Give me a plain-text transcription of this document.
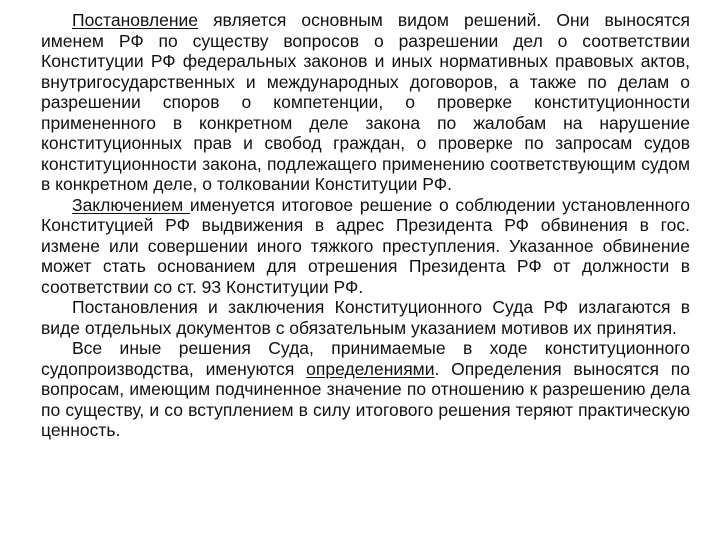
Постановление является основным видом решений. Они выносятся именем РФ по существу вопросов о разрешении дел о соответствии Конституции РФ федеральных законов и иных нормативных правовых актов, внутригосударственных и международных договоров, а также по делам о разрешении споров о компетенции, о проверке конституционности примененного в конкретном деле закона по жалобам на нарушение конституционных прав и свобод граждан, о проверке по запросам судов конституционности закона, подлежащего применению соответствующим судом в конкретном деле, о толковании Конституции РФ.

Заключением именуется итоговое решение о соблюдении установленного Конституцией РФ выдвижения в адрес Президента РФ обвинения в гос. измене или совершении иного тяжкого преступления. Указанное обвинение может стать основанием для отрешения Президента РФ от должности в соответствии со ст. 93 Конституции РФ.

Постановления и заключения Конституционного Суда РФ излагаются в виде отдельных документов с обязательным указанием мотивов их принятия.

Все иные решения Суда, принимаемые в ходе конституционного судопроизводства, именуются определениями. Определения выносятся по вопросам, имеющим подчиненное значение по отношению к разрешению дела по существу, и со вступлением в силу итогового решения теряют практическую ценность.
